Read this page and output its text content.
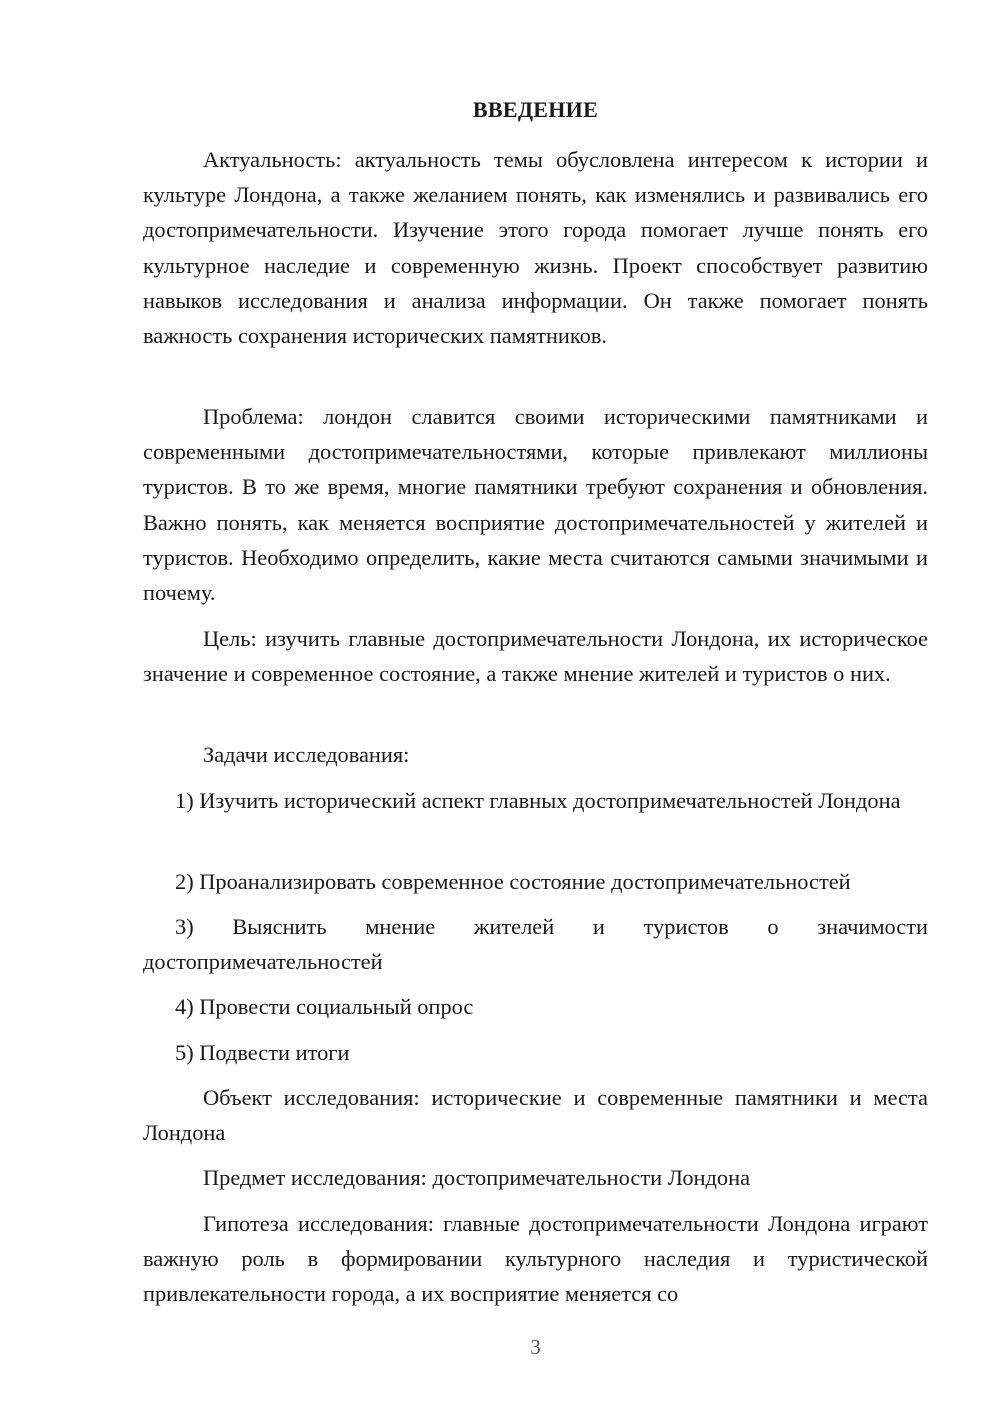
ВВЕДЕНИЕ

Актуальность: актуальность темы обусловлена интересом к истории и культуре Лондона, а также желанием понять, как изменялись и развивались его достопримечательности. Изучение этого города помогает лучше понять его культурное наследие и современную жизнь. Проект способствует развитию навыков исследования и анализа информации. Он также помогает понять важность сохранения исторических памятников.

Проблема: лондон славится своими историческими памятниками и современными достопримечательностями, которые привлекают миллионы туристов. В то же время, многие памятники требуют сохранения и обновления. Важно понять, как меняется восприятие достопримечательностей у жителей и туристов. Необходимо определить, какие места считаются самыми значимыми и почему.

Цель: изучить главные достопримечательности Лондона, их историческое значение и современное состояние, а также мнение жителей и туристов о них.

Задачи исследования:

1) Изучить исторический аспект главных достопримечательностей Лондона

2) Проанализировать современное состояние достопримечательностей

3) Выяснить мнение жителей и туристов о значимости достопримечательностей

4) Провести социальный опрос

5) Подвести итоги

Объект исследования: исторические и современные памятники и места Лондона

Предмет исследования: достопримечательности Лондона

Гипотеза исследования: главные достопримечательности Лондона играют важную роль в формировании культурного наследия и туристической привлекательности города, а их восприятие меняется со

3
